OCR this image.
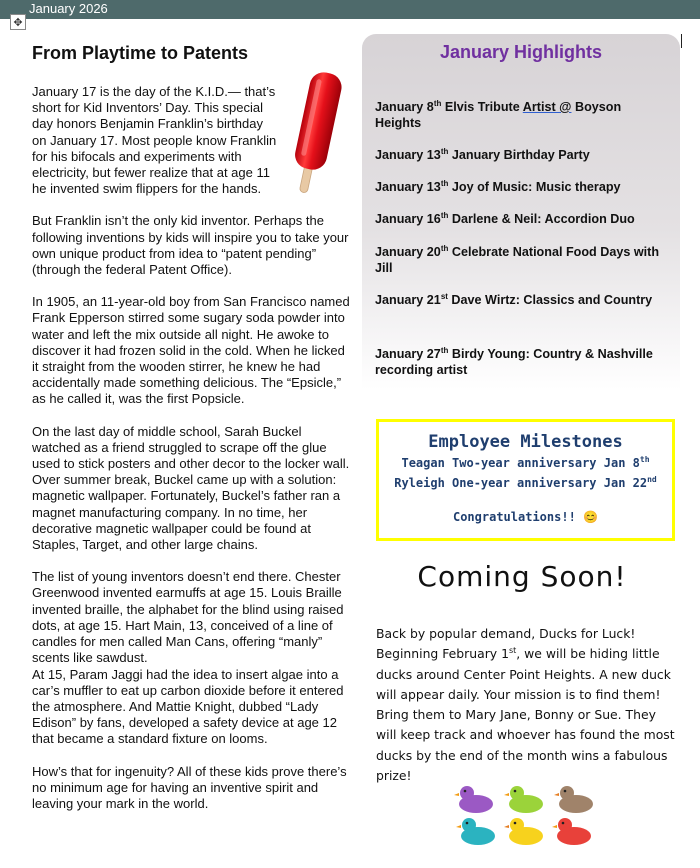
January 2026
✥
From Playtime to Patents

January 17 is the day of the K.I.D.— that’s short for Kid Inventors’ Day. This special day honors Benjamin Franklin’s birthday on January 17. Most people know Franklin for his bifocals and experiments with electricity, but fewer realize that at age 11 he invented swim flippers for the hands.

But Franklin isn’t the only kid inventor. Perhaps the following inventions by kids will inspire you to take your own unique product from idea to “patent pending” (through the federal Patent Office).

In 1905, an 11-year-old boy from San Francisco named Frank Epperson stirred some sugary soda powder into water and left the mix outside all night. He awoke to discover it had frozen solid in the cold. When he licked it straight from the wooden stirrer, he knew he had accidentally made something delicious. The “Epsicle,” as he called it, was the first Popsicle.

On the last day of middle school, Sarah Buckel watched as a friend struggled to scrape off the glue used to stick posters and other decor to the locker wall. Over summer break, Buckel came up with a solution: magnetic wallpaper. Fortunately, Buckel’s father ran a magnet manufacturing company. In no time, her decorative magnetic wallpaper could be found at Staples, Target, and other large chains.

The list of young inventors doesn’t end there. Chester Greenwood invented earmuffs at age 15. Louis Braille invented braille, the alphabet for the blind using raised dots, at age 15. Hart Main, 13, conceived of a line of candles for men called Man Cans, offering “manly” scents like sawdust.

At 15, Param Jaggi had the idea to insert algae into a car’s muffler to eat up carbon dioxide before it entered the atmosphere. And Mattie Knight, dubbed “Lady Edison” by fans, developed a safety device at age 12 that became a standard fixture on looms.

How’s that for ingenuity? All of these kids prove there’s no minimum age for having an inventive spirit and leaving your mark in the world.

January Highlights
January 8th Elvis Tribute Artist @ Boyson Heights
January 13th January Birthday Party
January 13th Joy of Music: Music therapy
January 16th Darlene & Neil: Accordion Duo
January 20th Celebrate National Food Days with Jill
January 21st Dave Wirtz: Classics and Country
January 27th Birdy Young: Country & Nashville recording artist
Employee Milestones
Teagan Two-year anniversary Jan 8th
Ryleigh One-year anniversary Jan 22nd
Congratulations!! 😊
Coming Soon!
Back by popular demand, Ducks for Luck! Beginning February 1st, we will be hiding little ducks around Center Point Heights. A new duck will appear daily. Your mission is to find them! Bring them to Mary Jane, Bonny or Sue. They will keep track and whoever has found the most ducks by the end of the month wins a fabulous prize!
